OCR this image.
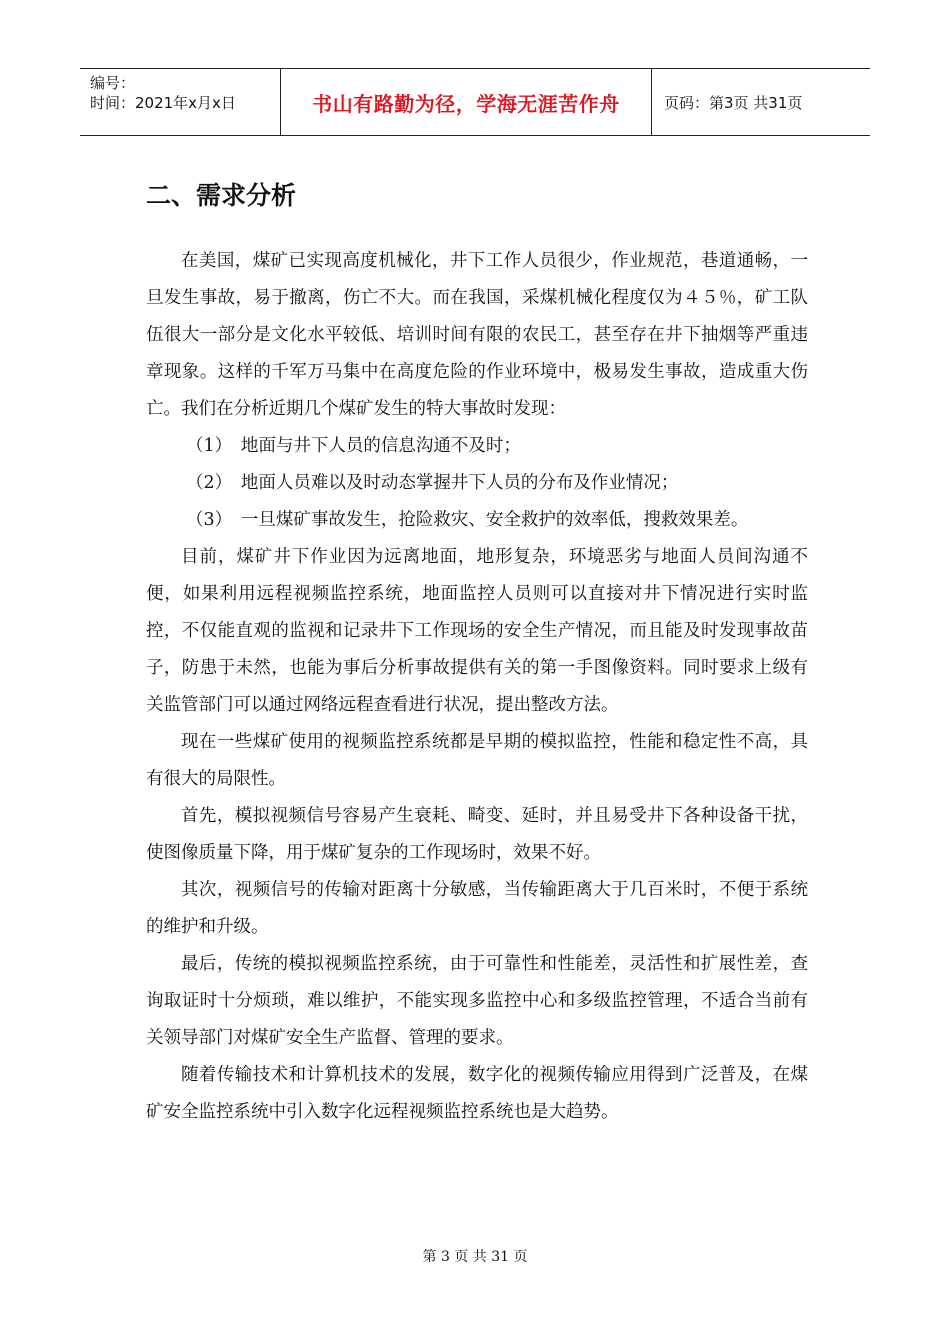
编号：
时间：2021年x月x日	书山有路勤为径，学海无涯苦作舟	页码：第3页 共31页
二、需求分析

在美国，煤矿已实现高度机械化，井下工作人员很少，作业规范，巷道通畅，一旦发生事故，易于撤离，伤亡不大。而在我国，采煤机械化程度仅为４５％，矿工队伍很大一部分是文化水平较低、培训时间有限的农民工，甚至存在井下抽烟等严重违章现象。这样的千军万马集中在高度危险的作业环境中，极易发生事故，造成重大伤亡。我们在分析近期几个煤矿发生的特大事故时发现：

（1）　地面与井下人员的信息沟通不及时；

（2）　地面人员难以及时动态掌握井下人员的分布及作业情况；

（3）　一旦煤矿事故发生，抢险救灾、安全救护的效率低，搜救效果差。

目前，煤矿井下作业因为远离地面，地形复杂，环境恶劣与地面人员间沟通不便，如果利用远程视频监控系统，地面监控人员则可以直接对井下情况进行实时监控，不仅能直观的监视和记录井下工作现场的安全生产情况，而且能及时发现事故苗子，防患于未然，也能为事后分析事故提供有关的第一手图像资料。同时要求上级有关监管部门可以通过网络远程查看进行状况，提出整改方法。

现在一些煤矿使用的视频监控系统都是早期的模拟监控，性能和稳定性不高，具有很大的局限性。

首先，模拟视频信号容易产生衰耗、畸变、延时，并且易受井下各种设备干扰，使图像质量下降，用于煤矿复杂的工作现场时，效果不好。

其次，视频信号的传输对距离十分敏感，当传输距离大于几百米时，不便于系统的维护和升级。

最后，传统的模拟视频监控系统，由于可靠性和性能差，灵活性和扩展性差，查询取证时十分烦琐，难以维护，不能实现多监控中心和多级监控管理，不适合当前有关领导部门对煤矿安全生产监督、管理的要求。

随着传输技术和计算机技术的发展，数字化的视频传输应用得到广泛普及，在煤矿安全监控系统中引入数字化远程视频监控系统也是大趋势。

第 3 页 共 31 页
